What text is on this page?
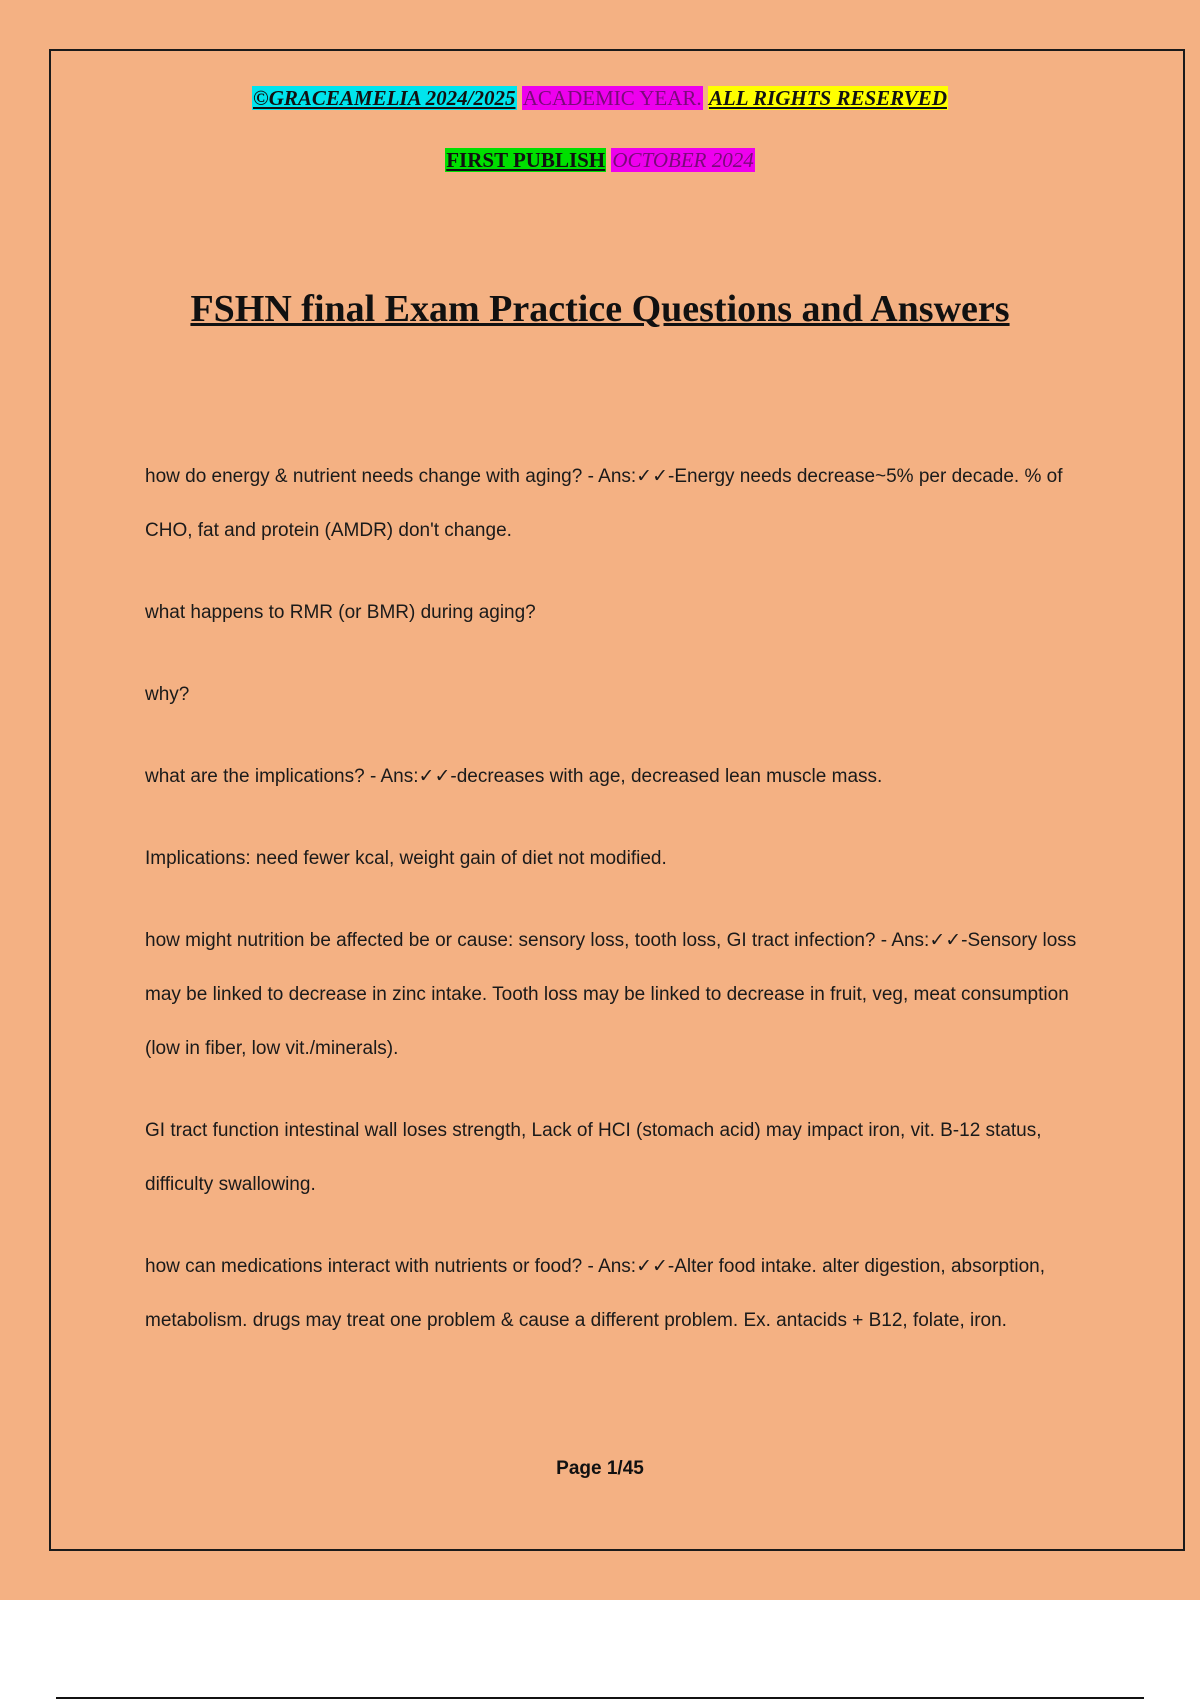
©GRACEAMELIA 2024/2025 ACADEMIC YEAR. ALL RIGHTS RESERVED
FIRST PUBLISH OCTOBER 2024
FSHN final Exam Practice Questions and Answers

how do energy & nutrient needs change with aging? - Ans:✓✓-Energy needs decrease~5% per decade. % of CHO, fat and protein (AMDR) don't change.

what happens to RMR (or BMR) during aging?

why?

what are the implications? - Ans:✓✓-decreases with age, decreased lean muscle mass.

Implications: need fewer kcal, weight gain of diet not modified.

how might nutrition be affected be or cause: sensory loss, tooth loss, GI tract infection? - Ans:✓✓-Sensory loss may be linked to decrease in zinc intake. Tooth loss may be linked to decrease in fruit, veg, meat consumption (low in fiber, low vit./minerals).

GI tract function intestinal wall loses strength, Lack of HCI (stomach acid) may impact iron, vit. B-12 status, difficulty swallowing.

how can medications interact with nutrients or food? - Ans:✓✓-Alter food intake. alter digestion, absorption, metabolism. drugs may treat one problem & cause a different problem. Ex. antacids + B12, folate, iron.

Page 1/45
